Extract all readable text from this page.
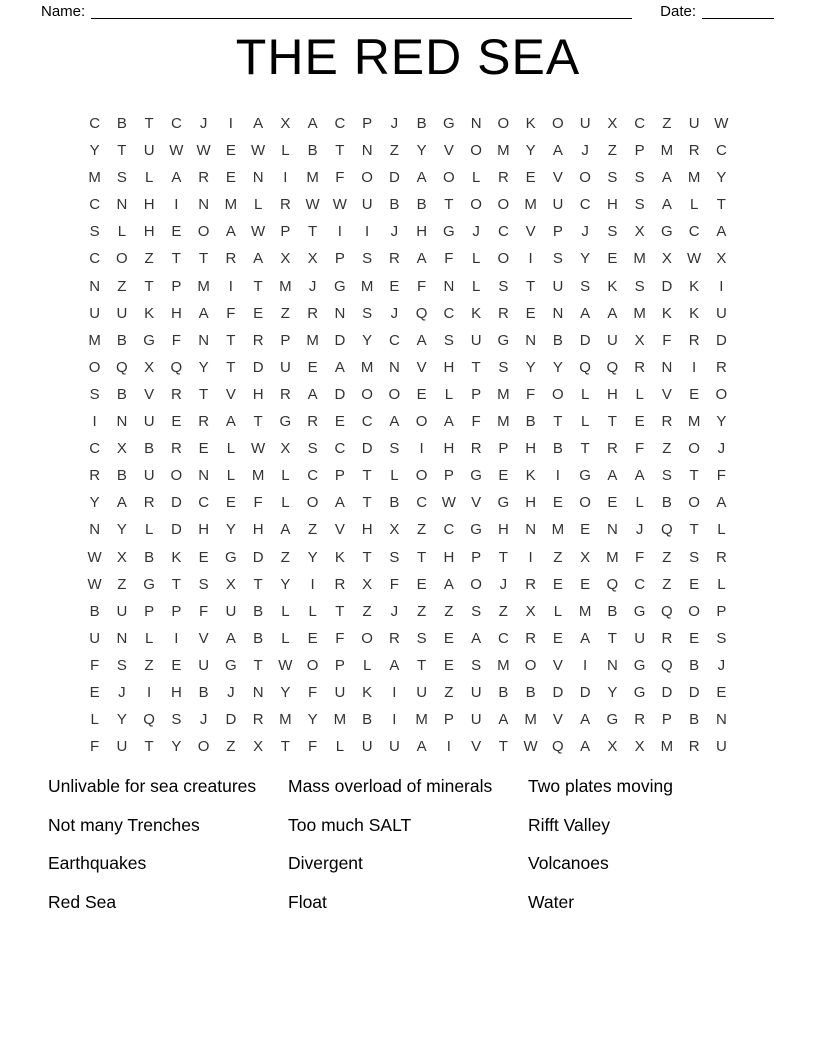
Name:	Date:
THE RED SEA
C	B	T	C	J	I	A	X	A	C	P	J	B	G	N	O	K	O	U	X	C	Z	U W
Y	T	U W W	E	W	L	B	T	N	Z	Y	V	O	M	Y	A	J	Z	P	M	R	C
M	S	L	A	R	E	N	I	M	F	O	D	A	O	L	R	E	V	O	S	S	A	M	Y
C	N	H	I	N	M	L	R W W U	B	B	T	O	O	M	U	C	H	S	A	L	T
S	L	H	E	O	A	W	P	T	I	I	J	H	G	J	C	V	P	J	S	X	G	C	A
C	O	Z	T	T	R	A	X	X	P	S	R	A	F	L	O	I	S	Y	E	M	X	W	X
N	Z	T	P	M	I	T	M	J	G	M	E	F	N	L	S	T	U	S	K	S	D	K	I
U	U	K	H	A	F	E	Z	R	N	S	J	Q	C	K	R	E	N	A	A	M	K	K	U
M	B	G	F	N	T	R	P	M	D	Y	C	A	S	U	G	N	B	D	U	X	F	R	D
O	Q	X	Q	Y	T	D	U	E	A	M	N	V	H	T	S	Y	Y	Q	Q	R	N	I	R
S	B	V	R	T	V	H	R	A	D	O	O	E	L	P	M	F	O	L	H	L	V	E	O
I	N	U	E	R	A	T	G	R	E	C	A	O	A	F	M	B	T	L	T	E	R	M	Y
C	X	B	R	E	L	W	X	S	C	D	S	I	H	R	P	H	B	T	R	F	Z	O	J
R	B	U	O	N	L	M	L	C	P	T	L	O	P	G	E	K	I	G	A	A	S	T	F
Y	A	R	D	C	E	F	L	O	A	T	B	C W	V	G	H	E	O	E	L	B	O	A
N	Y	L	D	H	Y	H	A	Z	V	H	X	Z	C	G	H	N	M	E	N	J	Q	T	L
W	X	B	K	E	G	D	Z	Y	K	T	S	T	H	P	T	I	Z	X	M	F	Z	S	R
W	Z	G	T	S	X	T	Y	I	R	X	F	E	A	O	J	R	E	E	Q	C	Z	E	L
B	U	P	P	F	U	B	L	L	T	Z	J	Z	Z	S	Z	X	L	M	B	G	Q	O	P
U	N	L	I	V	A	B	L	E	F	O	R	S	E	A	C	R	E	A	T	U	R	E	S
F	S	Z	E	U	G	T	W O	P	L	A	T	E	S	M	O	V	I	N	G	Q	B	J
E	J	I	H	B	J	N	Y	F	U	K	I	U	Z	U	B	B	D	D	Y	G	D	D	E
L	Y	Q	S	J	D	R	M	Y	M	B	I	M	P	U	A	M	V	A	G	R	P	B	N
F	U	T	Y	O	Z	X	T	F	L	U	U	A	I	V	T	W Q	A	X	X	M	R	U
Unlivable for sea creatures
Not many Trenches
Earthquakes
Red Sea
Mass overload of minerals
Too much SALT
Divergent
Float
Two plates moving
Rifft Valley
Volcanoes
Water
